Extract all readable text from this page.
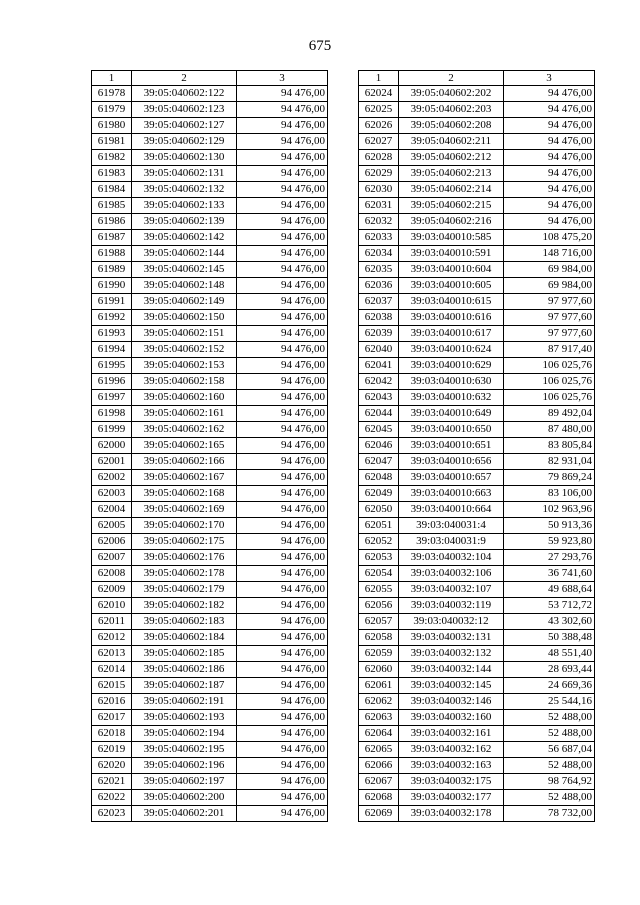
675
1	2	3
61978	39:05:040602:122	94 476,00
61979	39:05:040602:123	94 476,00
61980	39:05:040602:127	94 476,00
61981	39:05:040602:129	94 476,00
61982	39:05:040602:130	94 476,00
61983	39:05:040602:131	94 476,00
61984	39:05:040602:132	94 476,00
61985	39:05:040602:133	94 476,00
61986	39:05:040602:139	94 476,00
61987	39:05:040602:142	94 476,00
61988	39:05:040602:144	94 476,00
61989	39:05:040602:145	94 476,00
61990	39:05:040602:148	94 476,00
61991	39:05:040602:149	94 476,00
61992	39:05:040602:150	94 476,00
61993	39:05:040602:151	94 476,00
61994	39:05:040602:152	94 476,00
61995	39:05:040602:153	94 476,00
61996	39:05:040602:158	94 476,00
61997	39:05:040602:160	94 476,00
61998	39:05:040602:161	94 476,00
61999	39:05:040602:162	94 476,00
62000	39:05:040602:165	94 476,00
62001	39:05:040602:166	94 476,00
62002	39:05:040602:167	94 476,00
62003	39:05:040602:168	94 476,00
62004	39:05:040602:169	94 476,00
62005	39:05:040602:170	94 476,00
62006	39:05:040602:175	94 476,00
62007	39:05:040602:176	94 476,00
62008	39:05:040602:178	94 476,00
62009	39:05:040602:179	94 476,00
62010	39:05:040602:182	94 476,00
62011	39:05:040602:183	94 476,00
62012	39:05:040602:184	94 476,00
62013	39:05:040602:185	94 476,00
62014	39:05:040602:186	94 476,00
62015	39:05:040602:187	94 476,00
62016	39:05:040602:191	94 476,00
62017	39:05:040602:193	94 476,00
62018	39:05:040602:194	94 476,00
62019	39:05:040602:195	94 476,00
62020	39:05:040602:196	94 476,00
62021	39:05:040602:197	94 476,00
62022	39:05:040602:200	94 476,00
62023	39:05:040602:201	94 476,00
1	2	3
62024	39:05:040602:202	94 476,00
62025	39:05:040602:203	94 476,00
62026	39:05:040602:208	94 476,00
62027	39:05:040602:211	94 476,00
62028	39:05:040602:212	94 476,00
62029	39:05:040602:213	94 476,00
62030	39:05:040602:214	94 476,00
62031	39:05:040602:215	94 476,00
62032	39:05:040602:216	94 476,00
62033	39:03:040010:585	108 475,20
62034	39:03:040010:591	148 716,00
62035	39:03:040010:604	69 984,00
62036	39:03:040010:605	69 984,00
62037	39:03:040010:615	97 977,60
62038	39:03:040010:616	97 977,60
62039	39:03:040010:617	97 977,60
62040	39:03:040010:624	87 917,40
62041	39:03:040010:629	106 025,76
62042	39:03:040010:630	106 025,76
62043	39:03:040010:632	106 025,76
62044	39:03:040010:649	89 492,04
62045	39:03:040010:650	87 480,00
62046	39:03:040010:651	83 805,84
62047	39:03:040010:656	82 931,04
62048	39:03:040010:657	79 869,24
62049	39:03:040010:663	83 106,00
62050	39:03:040010:664	102 963,96
62051	39:03:040031:4	50 913,36
62052	39:03:040031:9	59 923,80
62053	39:03:040032:104	27 293,76
62054	39:03:040032:106	36 741,60
62055	39:03:040032:107	49 688,64
62056	39:03:040032:119	53 712,72
62057	39:03:040032:12	43 302,60
62058	39:03:040032:131	50 388,48
62059	39:03:040032:132	48 551,40
62060	39:03:040032:144	28 693,44
62061	39:03:040032:145	24 669,36
62062	39:03:040032:146	25 544,16
62063	39:03:040032:160	52 488,00
62064	39:03:040032:161	52 488,00
62065	39:03:040032:162	56 687,04
62066	39:03:040032:163	52 488,00
62067	39:03:040032:175	98 764,92
62068	39:03:040032:177	52 488,00
62069	39:03:040032:178	78 732,00
